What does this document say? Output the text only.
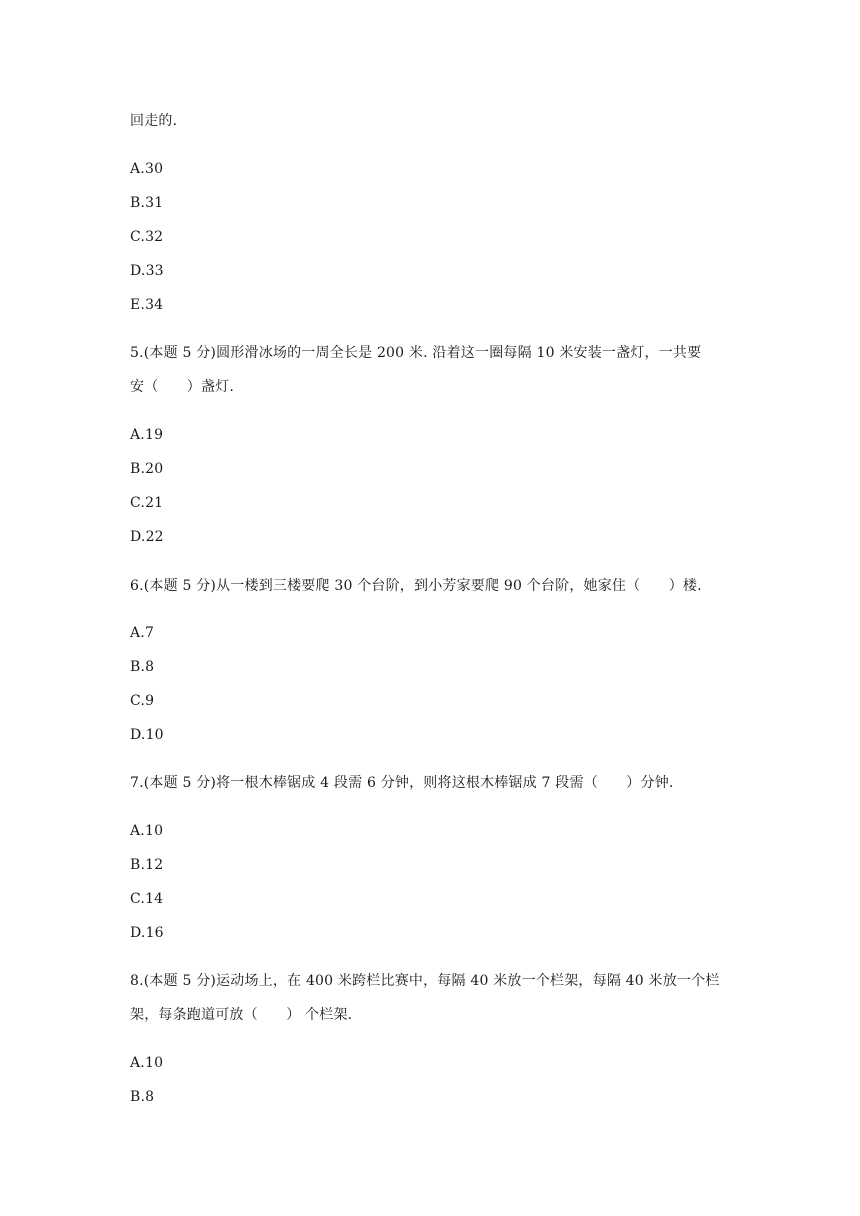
回走的.
A.30
B.31
C.32
D.33
E.34
5.(本题 5 分)圆形滑冰场的一周全长是 200 米. 沿着这一圈每隔 10 米安装一盏灯，一共要
安（　　）盏灯.
A.19
B.20
C.21
D.22
6.(本题 5 分)从一楼到三楼要爬 30 个台阶，到小芳家要爬 90 个台阶，她家住（　　）楼.
A.7
B.8
C.9
D.10
7.(本题 5 分)将一根木棒锯成 4 段需 6 分钟，则将这根木棒锯成 7 段需（　　）分钟.
A.10
B.12
C.14
D.16
8.(本题 5 分)运动场上，在 400 米跨栏比赛中，每隔 40 米放一个栏架，每隔 40 米放一个栏
架，每条跑道可放（　　） 个栏架.
A.10
B.8
